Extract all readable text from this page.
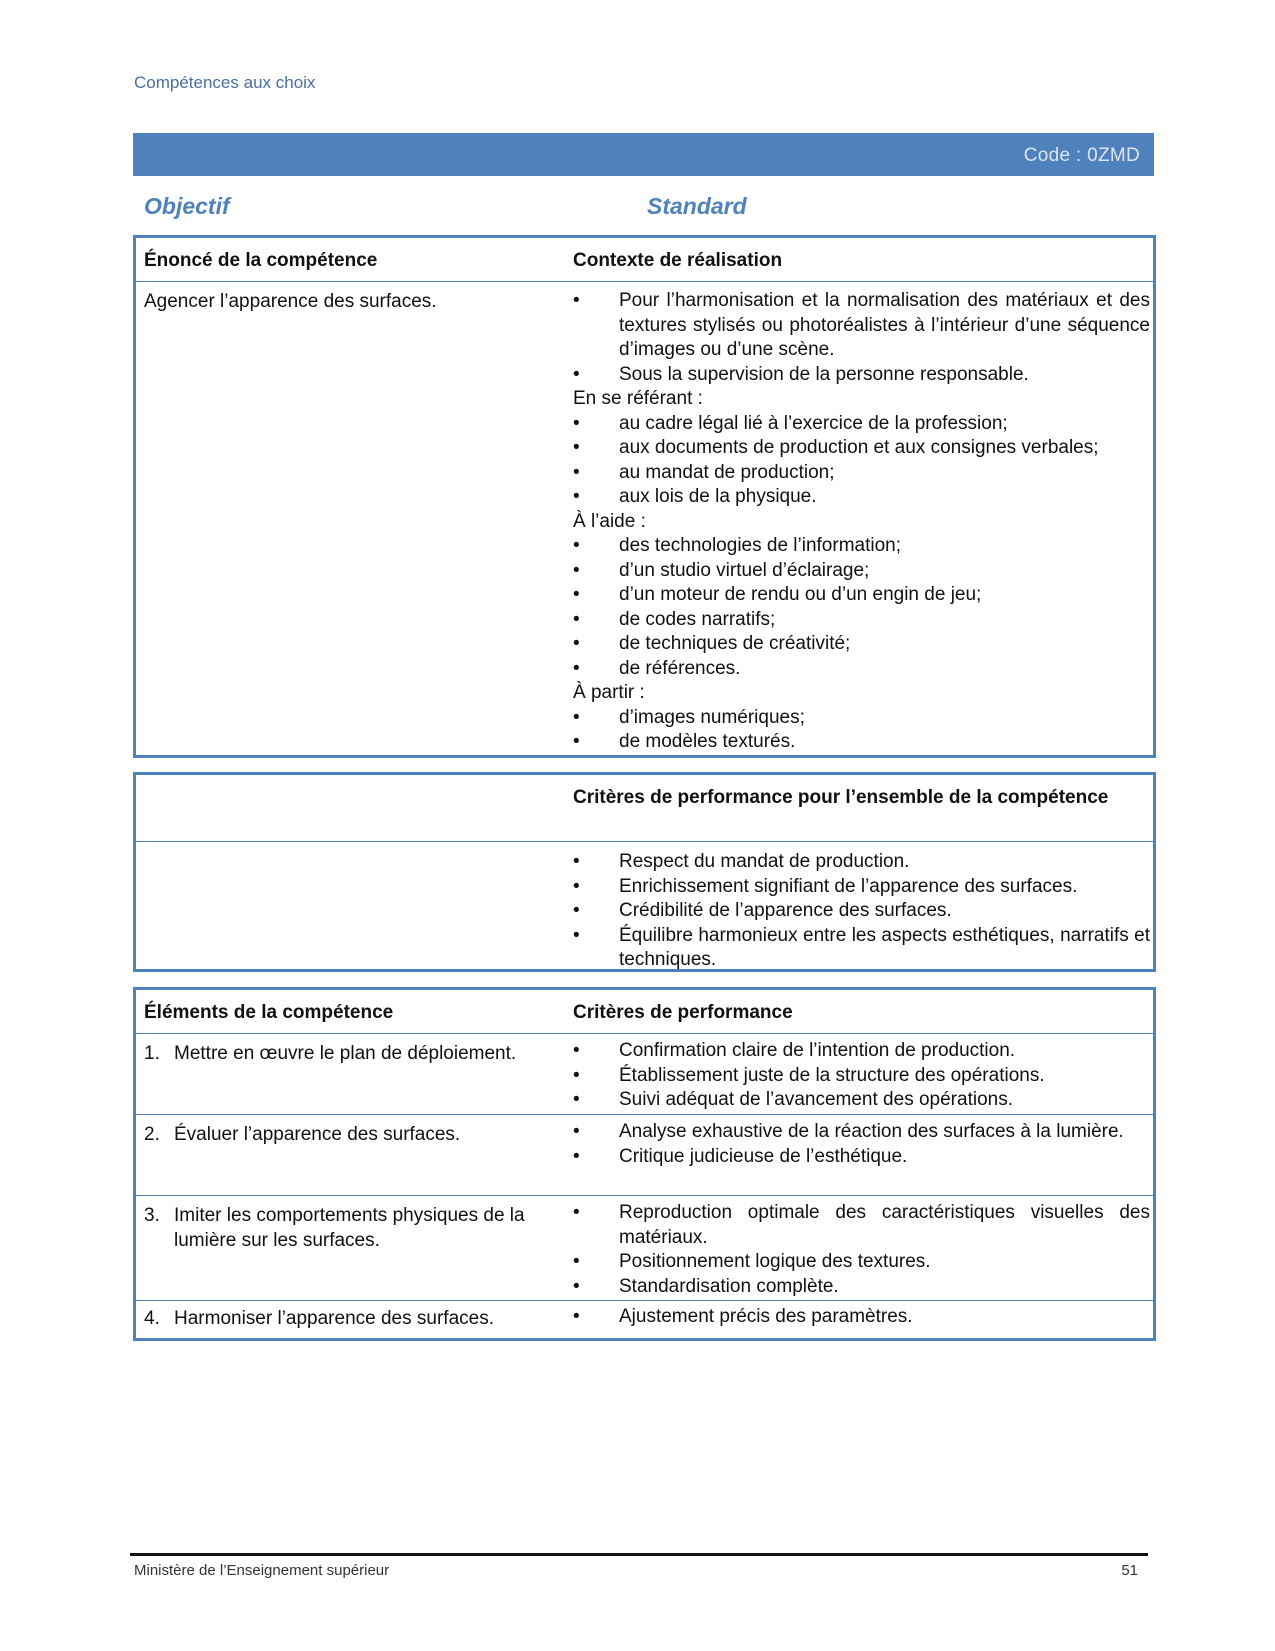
Compétences aux choix
Code : 0ZMD
Objectif	Standard
Énoncé de la compétence	Contexte de réalisation
Agencer l’apparence des surfaces.	• Pour l’harmonisation et la normalisation des matériaux et des textures stylisés ou photoréalistes à l’intérieur d’une séquence d’images ou d’une scène.
• Sous la supervision de la personne responsable.
En se référant :
• au cadre légal lié à l’exercice de la profession;
• aux documents de production et aux consignes verbales;
• au mandat de production;
• aux lois de la physique.
À l’aide :
• des technologies de l’information;
• d’un studio virtuel d’éclairage;
• d’un moteur de rendu ou d’un engin de jeu;
• de codes narratifs;
• de techniques de créativité;
• de références.
À partir :
• d’images numériques;
• de modèles texturés.
Critères de performance pour l’ensemble de la compétence
• Respect du mandat de production.
• Enrichissement signifiant de l’apparence des surfaces.
• Crédibilité de l’apparence des surfaces.
• Équilibre harmonieux entre les aspects esthétiques, narratifs et techniques.
Éléments de la compétence	Critères de performance
1. Mettre en œuvre le plan de déploiement.	• Confirmation claire de l’intention de production.
• Établissement juste de la structure des opérations.
• Suivi adéquat de l’avancement des opérations.
2. Évaluer l’apparence des surfaces.	• Analyse exhaustive de la réaction des surfaces à la lumière.
• Critique judicieuse de l’esthétique.
3. Imiter les comportements physiques de la lumière sur les surfaces.
• Reproduction optimale des caractéristiques visuelles des matériaux.
• Positionnement logique des textures.
• Standardisation complète.
4. Harmoniser l’apparence des surfaces.	• Ajustement précis des paramètres.
Ministère de l’Enseignement supérieur	51
